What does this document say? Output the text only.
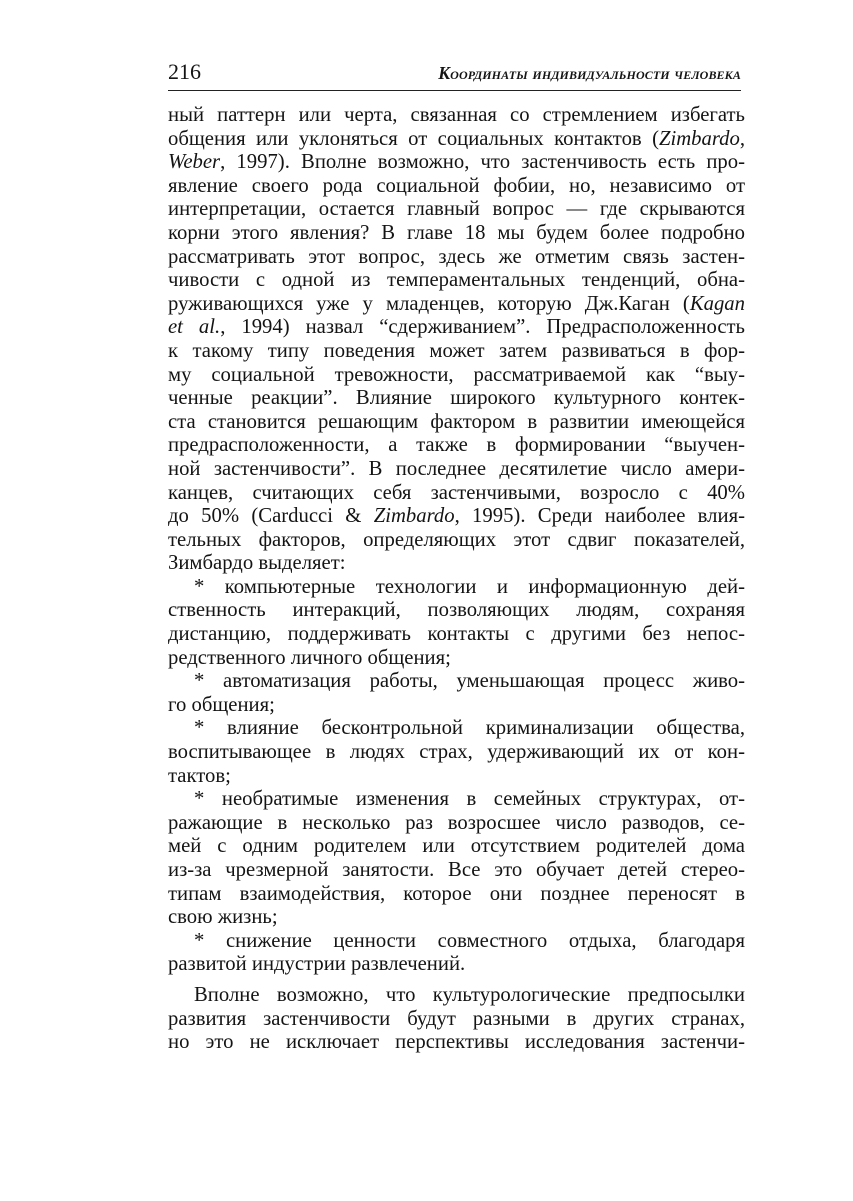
216	Координаты индивидуальности человека
ный паттерн или черта, связанная со стремлением избегать
общения или уклоняться от социальных контактов (Zimbardo,
Weber, 1997). Вполне возможно, что застенчивость есть про-
явление своего рода социальной фобии, но, независимо от
интерпретации, остается главный вопрос — где скрываются
корни этого явления? В главе 18 мы будем более подробно
рассматривать этот вопрос, здесь же отметим связь застен-
чивости с одной из темпераментальных тенденций, обна-
руживающихся уже у младенцев, которую Дж.Каган (Kagan
et al., 1994) назвал “сдерживанием”. Предрасположенность
к такому типу поведения может затем развиваться в фор-
му социальной тревожности, рассматриваемой как “выу-
ченные реакции”. Влияние широкого культурного контек-
ста становится решающим фактором в развитии имеющейся
предрасположенности, а также в формировании “выучен-
ной застенчивости”. В последнее десятилетие число амери-
канцев, считающих себя застенчивыми, возросло с 40%
до 50% (Carducci & Zimbardo, 1995). Среди наиболее влия-
тельных факторов, определяющих этот сдвиг показателей,
Зимбардо выделяет:
* компьютерные технологии и информационную дей-
ственность интеракций, позволяющих людям, сохраняя
дистанцию, поддерживать контакты с другими без непос-
редственного личного общения;
* автоматизация работы, уменьшающая процесс живо-
го общения;
* влияние бесконтрольной криминализации общества,
воспитывающее в людях страх, удерживающий их от кон-
тактов;
* необратимые изменения в семейных структурах, от-
ражающие в несколько раз возросшее число разводов, се-
мей с одним родителем или отсутствием родителей дома
из-за чрезмерной занятости. Все это обучает детей стерео-
типам взаимодействия, которое они позднее переносят в
свою жизнь;
* снижение ценности совместного отдыха, благодаря
развитой индустрии развлечений.
Вполне возможно, что культурологические предпосылки
развития застенчивости будут разными в других странах,
но это не исключает перспективы исследования застенчи-
